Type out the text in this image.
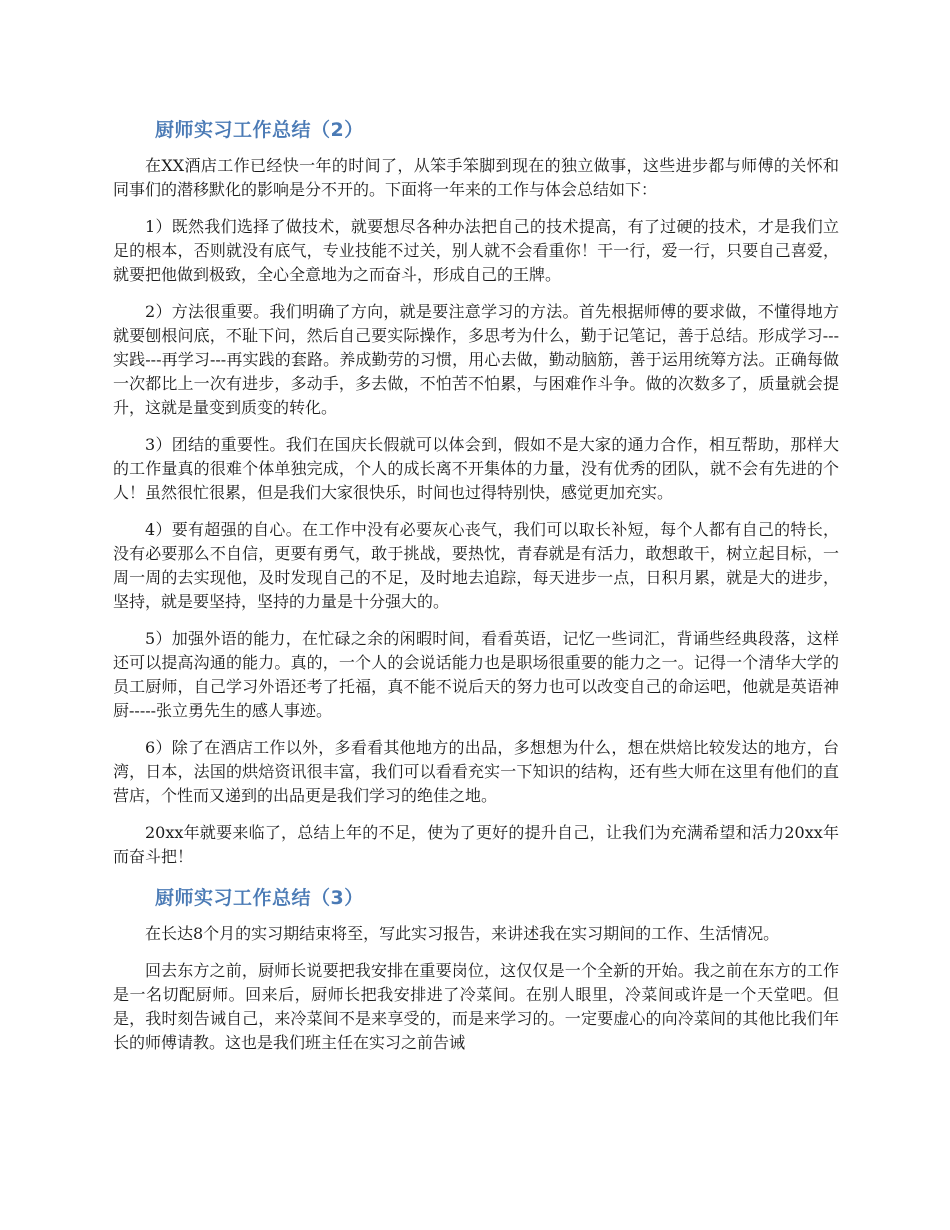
厨师实习工作总结（2）

在XX酒店工作已经快一年的时间了，从笨手笨脚到现在的独立做事，这些进步都与师傅的关怀和同事们的潜移默化的影响是分不开的。下面将一年来的工作与体会总结如下：

1）既然我们选择了做技术，就要想尽各种办法把自己的技术提高，有了过硬的技术，才是我们立足的根本，否则就没有底气，专业技能不过关，别人就不会看重你！干一行，爱一行，只要自己喜爱，就要把他做到极致，全心全意地为之而奋斗，形成自己的王牌。

2）方法很重要。我们明确了方向，就是要注意学习的方法。首先根据师傅的要求做，不懂得地方就要刨根问底，不耻下问，然后自己要实际操作，多思考为什么，勤于记笔记，善于总结。形成学习---实践---再学习---再实践的套路。养成勤劳的习惯，用心去做，勤动脑筋，善于运用统筹方法。正确每做一次都比上一次有进步，多动手，多去做，不怕苦不怕累，与困难作斗争。做的次数多了，质量就会提升，这就是量变到质变的转化。

3）团结的重要性。我们在国庆长假就可以体会到，假如不是大家的通力合作，相互帮助，那样大的工作量真的很难个体单独完成，个人的成长离不开集体的力量，没有优秀的团队，就不会有先进的个人！虽然很忙很累，但是我们大家很快乐，时间也过得特别快，感觉更加充实。

4）要有超强的自心。在工作中没有必要灰心丧气，我们可以取长补短，每个人都有自己的特长，没有必要那么不自信，更要有勇气，敢于挑战，要热忱，青春就是有活力，敢想敢干，树立起目标，一周一周的去实现他，及时发现自己的不足，及时地去追踪，每天进步一点，日积月累，就是大的进步，坚持，就是要坚持，坚持的力量是十分强大的。

5）加强外语的能力，在忙碌之余的闲暇时间，看看英语，记忆一些词汇，背诵些经典段落，这样还可以提高沟通的能力。真的，一个人的会说话能力也是职场很重要的能力之一。记得一个清华大学的员工厨师，自己学习外语还考了托福，真不能不说后天的努力也可以改变自己的命运吧，他就是英语神厨-----张立勇先生的感人事迹。

6）除了在酒店工作以外，多看看其他地方的出品，多想想为什么，想在烘焙比较发达的地方，台湾，日本，法国的烘焙资讯很丰富，我们可以看看充实一下知识的结构，还有些大师在这里有他们的直营店，个性而又递到的出品更是我们学习的绝佳之地。

20xx年就要来临了，总结上年的不足，使为了更好的提升自己，让我们为充满希望和活力20xx年而奋斗把！

厨师实习工作总结（3）

在长达8个月的实习期结束将至，写此实习报告，来讲述我在实习期间的工作、生活情况。

回去东方之前，厨师长说要把我安排在重要岗位，这仅仅是一个全新的开始。我之前在东方的工作是一名切配厨师。回来后，厨师长把我安排进了冷菜间。在别人眼里，冷菜间或许是一个天堂吧。但是，我时刻告诫自己，来冷菜间不是来享受的，而是来学习的。一定要虚心的向冷菜间的其他比我们年长的师傅请教。这也是我们班主任在实习之前告诫
